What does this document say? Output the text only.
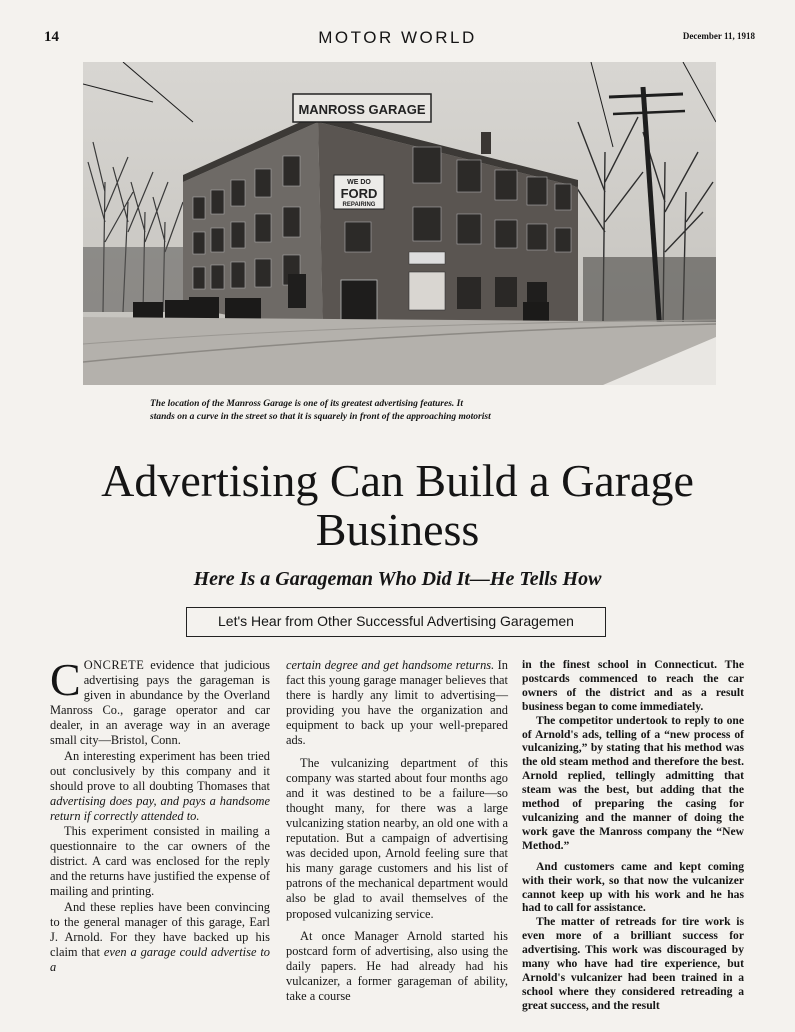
14	MOTOR WORLD	December 11, 1918
MANROSS GARAGE
WE DO
FORD
REPAIRING
The location of the Manross Garage is one of its greatest advertising features. It
stands on a curve in the street so that it is squarely in front of the approaching motorist
Advertising Can Build a Garage
Business
Here Is a Garageman Who Did It—He Tells How
Let's Hear from Other Successful Advertising Garagemen

CONCRETE evidence that judicious advertising pays the garageman is given in abundance by the Overland Manross Co., garage operator and car dealer, in an average way in an average small city—Bristol, Conn.

An interesting experiment has been tried out conclusively by this company and it should prove to all doubting Thomases that advertising does pay, and pays a handsome return if correctly attended to.

This experiment consisted in mailing a questionnaire to the car owners of the district. A card was enclosed for the reply and the returns have justified the expense of mailing and printing.

And these replies have been convincing to the general manager of this garage, Earl J. Arnold. For they have backed up his claim that even a garage could advertise to a

certain degree and get handsome returns. In fact this young garage manager believes that there is hardly any limit to advertising—providing you have the organization and equipment to back up your well-prepared ads.

The vulcanizing department of this company was started about four months ago and it was destined to be a failure—so thought many, for there was a large vulcanizing station nearby, an old one with a reputation. But a campaign of advertising was decided upon, Arnold feeling sure that his many garage customers and his list of patrons of the mechanical department would also be glad to avail themselves of the proposed vulcanizing service.

At once Manager Arnold started his postcard form of advertising, also using the daily papers. He had already had his vulcanizer, a former garageman of ability, take a course

in the finest school in Connecticut. The postcards commenced to reach the car owners of the district and as a result business began to come immediately.

The competitor undertook to reply to one of Arnold's ads, telling of a “new process of vulcanizing,” by stating that his method was the old steam method and therefore the best. Arnold replied, tellingly admitting that steam was the best, but adding that the method of preparing the casing for vulcanizing and the manner of doing the work gave the Manross company the “New Method.”

And customers came and kept coming with their work, so that now the vulcanizer cannot keep up with his work and he has had to call for assistance.

The matter of retreads for tire work is even more of a brilliant success for advertising. This work was discouraged by many who have had tire experience, but Arnold's vulcanizer had been trained in a school where they considered retreading a great success, and the result
